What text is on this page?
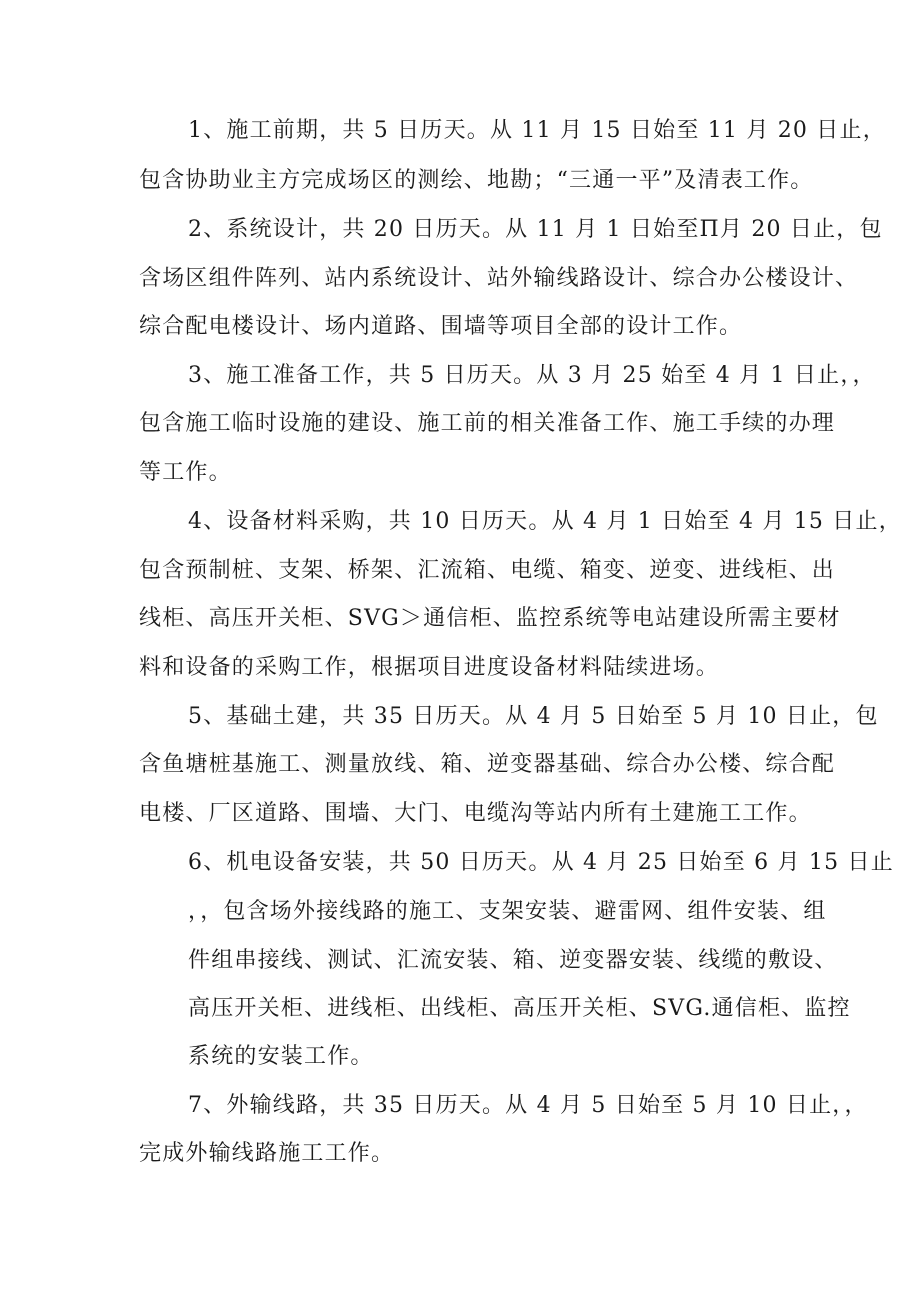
1、施工前期，共 5 日历天。从 11 月 15 日始至 11 月 20 日止，
包含协助业主方完成场区的测绘、地勘；“三通一平”及清表工作。
2、系统设计，共 20 日历天。从 11 月 1 日始至Π月 20 日止，包
含场区组件阵列、站内系统设计、站外输线路设计、综合办公楼设计、
综合配电楼设计、场内道路、围墙等项目全部的设计工作。
3、施工准备工作，共 5 日历天。从 3 月 25 始至 4 月 1 日止，，
包含施工临时设施的建设、施工前的相关准备工作、施工手续的办理
等工作。
4、设备材料采购，共 10 日历天。从 4 月 1 日始至 4 月 15 日止，
包含预制桩、支架、桥架、汇流箱、电缆、箱变、逆变、进线柜、出
线柜、高压开关柜、SVG＞通信柜、监控系统等电站建设所需主要材
料和设备的采购工作，根据项目进度设备材料陆续进场。
5、基础土建，共 35 日历天。从 4 月 5 日始至 5 月 10 日止，包
含鱼塘桩基施工、测量放线、箱、逆变器基础、综合办公楼、综合配
电楼、厂区道路、围墙、大门、电缆沟等站内所有土建施工工作。
6、机电设备安装，共 50 日历天。从 4 月 25 日始至 6 月 15 日止
，，包含场外接线路的施工、支架安装、避雷网、组件安装、组
件组串接线、测试、汇流安装、箱、逆变器安装、线缆的敷设、
高压开关柜、进线柜、出线柜、高压开关柜、SVG.通信柜、监控
系统的安装工作。
7、外输线路，共 35 日历天。从 4 月 5 日始至 5 月 10 日止，，
完成外输线路施工工作。
